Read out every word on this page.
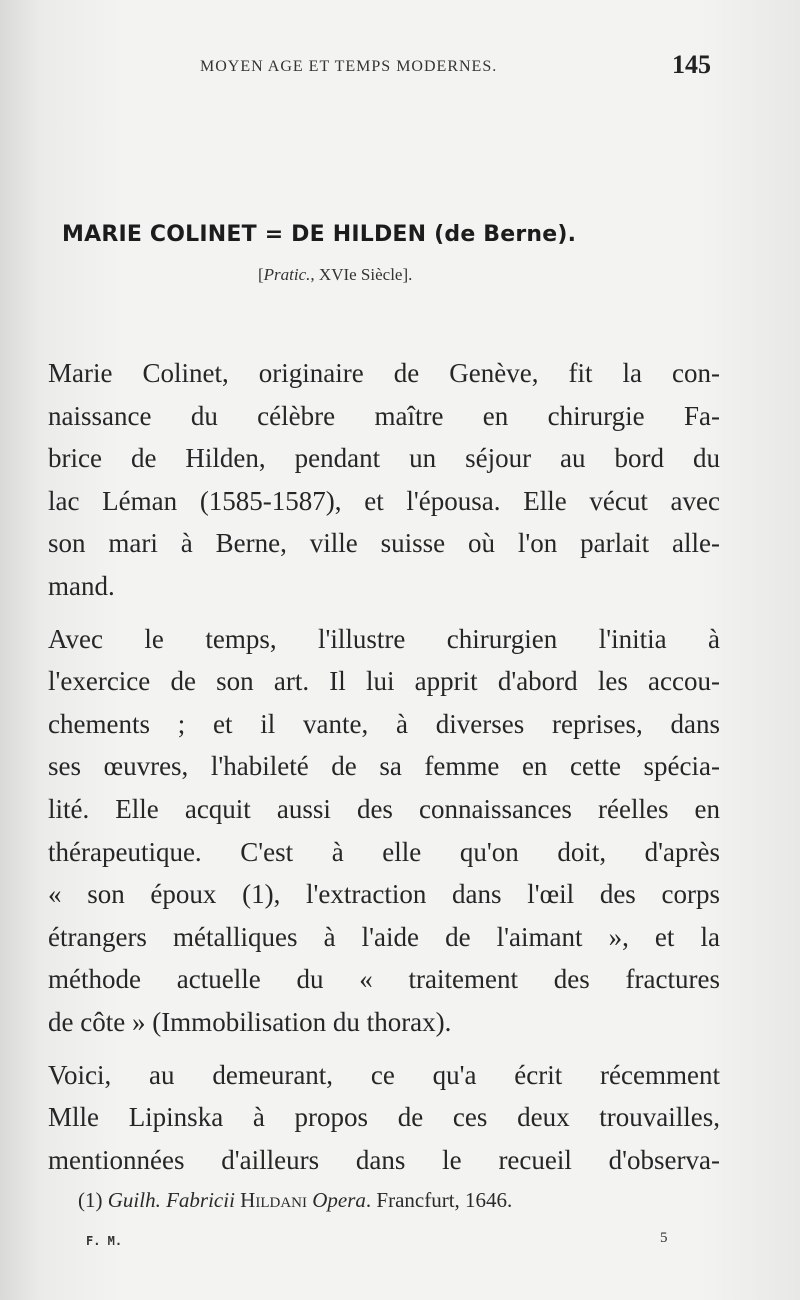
MOYEN AGE ET TEMPS MODERNES.	145
MARIE COLINET = DE HILDEN (de Berne).
[Pratic., XVIe Siècle].

Marie Colinet, originaire de Genève, fit la con-
naissance du célèbre maître en chirurgie Fa-
brice de Hilden, pendant un séjour au bord du
lac Léman (1585-1587), et l'épousa. Elle vécut avec
son mari à Berne, ville suisse où l'on parlait alle-
mand.

Avec le temps, l'illustre chirurgien l'initia à
l'exercice de son art. Il lui apprit d'abord les accou-
chements ; et il vante, à diverses reprises, dans
ses œuvres, l'habileté de sa femme en cette spécia-
lité. Elle acquit aussi des connaissances réelles en
thérapeutique. C'est à elle qu'on doit, d'après
« son époux (1), l'extraction dans l'œil des corps
étrangers métalliques à l'aide de l'aimant », et la
méthode actuelle du « traitement des fractures
de côte » (Immobilisation du thorax).

Voici, au demeurant, ce qu'a écrit récemment
Mlle Lipinska à propos de ces deux trouvailles,
mentionnées d'ailleurs dans le recueil d'observa-

(1) Guilh. Fabricii Hildani Opera. Francfurt, 1646.
F. M.	5
